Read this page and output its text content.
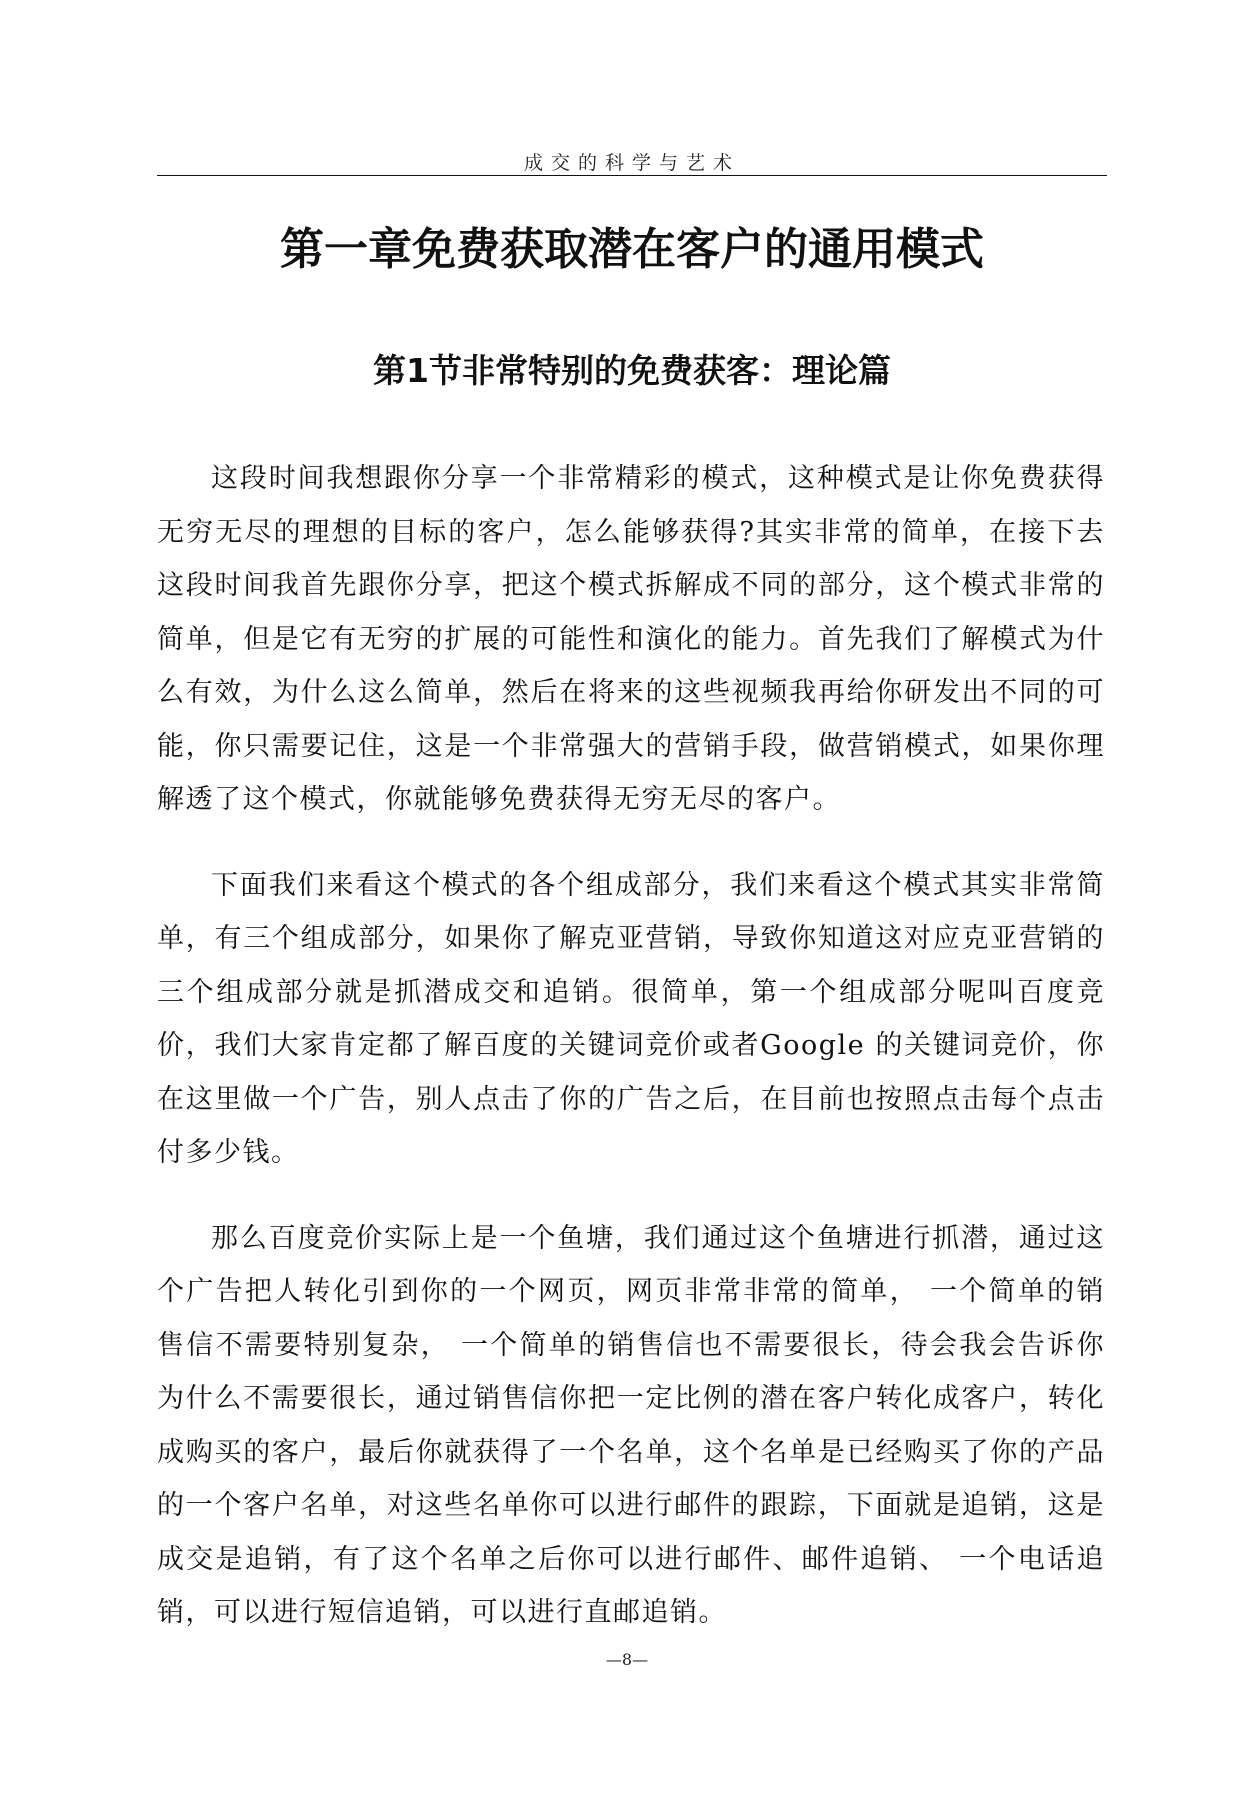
成交的科学与艺术
第一章免费获取潜在客户的通用模式
第1节非常特别的免费获客：理论篇

这段时间我想跟你分享一个非常精彩的模式，这种模式是让你免费获得无穷无尽的理想的目标的客户，怎么能够获得?其实非常的简单，在接下去这段时间我首先跟你分享，把这个模式拆解成不同的部分，这个模式非常的简单，但是它有无穷的扩展的可能性和演化的能力。首先我们了解模式为什么有效，为什么这么简单，然后在将来的这些视频我再给你研发出不同的可能，你只需要记住，这是一个非常强大的营销手段，做营销模式，如果你理解透了这个模式，你就能够免费获得无穷无尽的客户。

下面我们来看这个模式的各个组成部分，我们来看这个模式其实非常简单，有三个组成部分，如果你了解克亚营销，导致你知道这对应克亚营销的三个组成部分就是抓潜成交和追销。很简单，第一个组成部分呢叫百度竞价，我们大家肯定都了解百度的关键词竞价或者Google 的关键词竞价，你在这里做一个广告，别人点击了你的广告之后，在目前也按照点击每个点击付多少钱。

那么百度竞价实际上是一个鱼塘，我们通过这个鱼塘进行抓潜，通过这个广告把人转化引到你的一个网页，网页非常非常的简单， 一个简单的销售信不需要特别复杂， 一个简单的销售信也不需要很长，待会我会告诉你为什么不需要很长，通过销售信你把一定比例的潜在客户转化成客户，转化成购买的客户，最后你就获得了一个名单，这个名单是已经购买了你的产品的一个客户名单，对这些名单你可以进行邮件的跟踪，下面就是追销，这是成交是追销，有了这个名单之后你可以进行邮件、邮件追销、 一个电话追销，可以进行短信追销，可以进行直邮追销。

—8—
